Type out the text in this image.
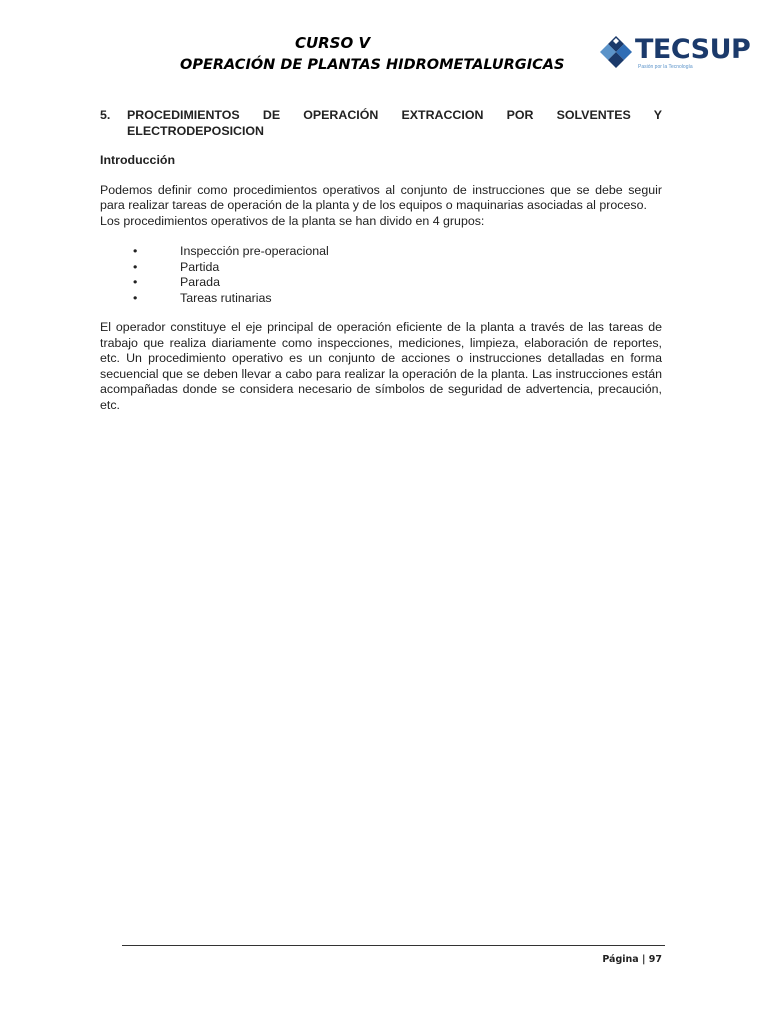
CURSO V
OPERACIÓN DE PLANTAS HIDROMETALURGICAS	TECSUP
Pasión por la Tecnología
5.	PROCEDIMIENTOS DE OPERACIÓN EXTRACCION POR SOLVENTES Y ELECTRODEPOSICION
Introducción

Podemos definir como procedimientos operativos al conjunto de instrucciones que se debe seguir para realizar tareas de operación de la planta y de los equipos o maquinarias asociadas al proceso.

Los procedimientos operativos de la planta se han divido en 4 grupos:

•	Inspección pre-operacional
•	Partida
•	Parada
•	Tareas rutinarias

El operador constituye el eje principal de operación eficiente de la planta a través de las tareas de trabajo que realiza diariamente como inspecciones, mediciones, limpieza, elaboración de reportes, etc. Un procedimiento operativo es un conjunto de acciones o instrucciones detalladas en forma secuencial que se deben llevar a cabo para realizar la operación de la planta. Las instrucciones están acompañadas donde se considera necesario de símbolos de seguridad de advertencia, precaución, etc.

Página | 97
